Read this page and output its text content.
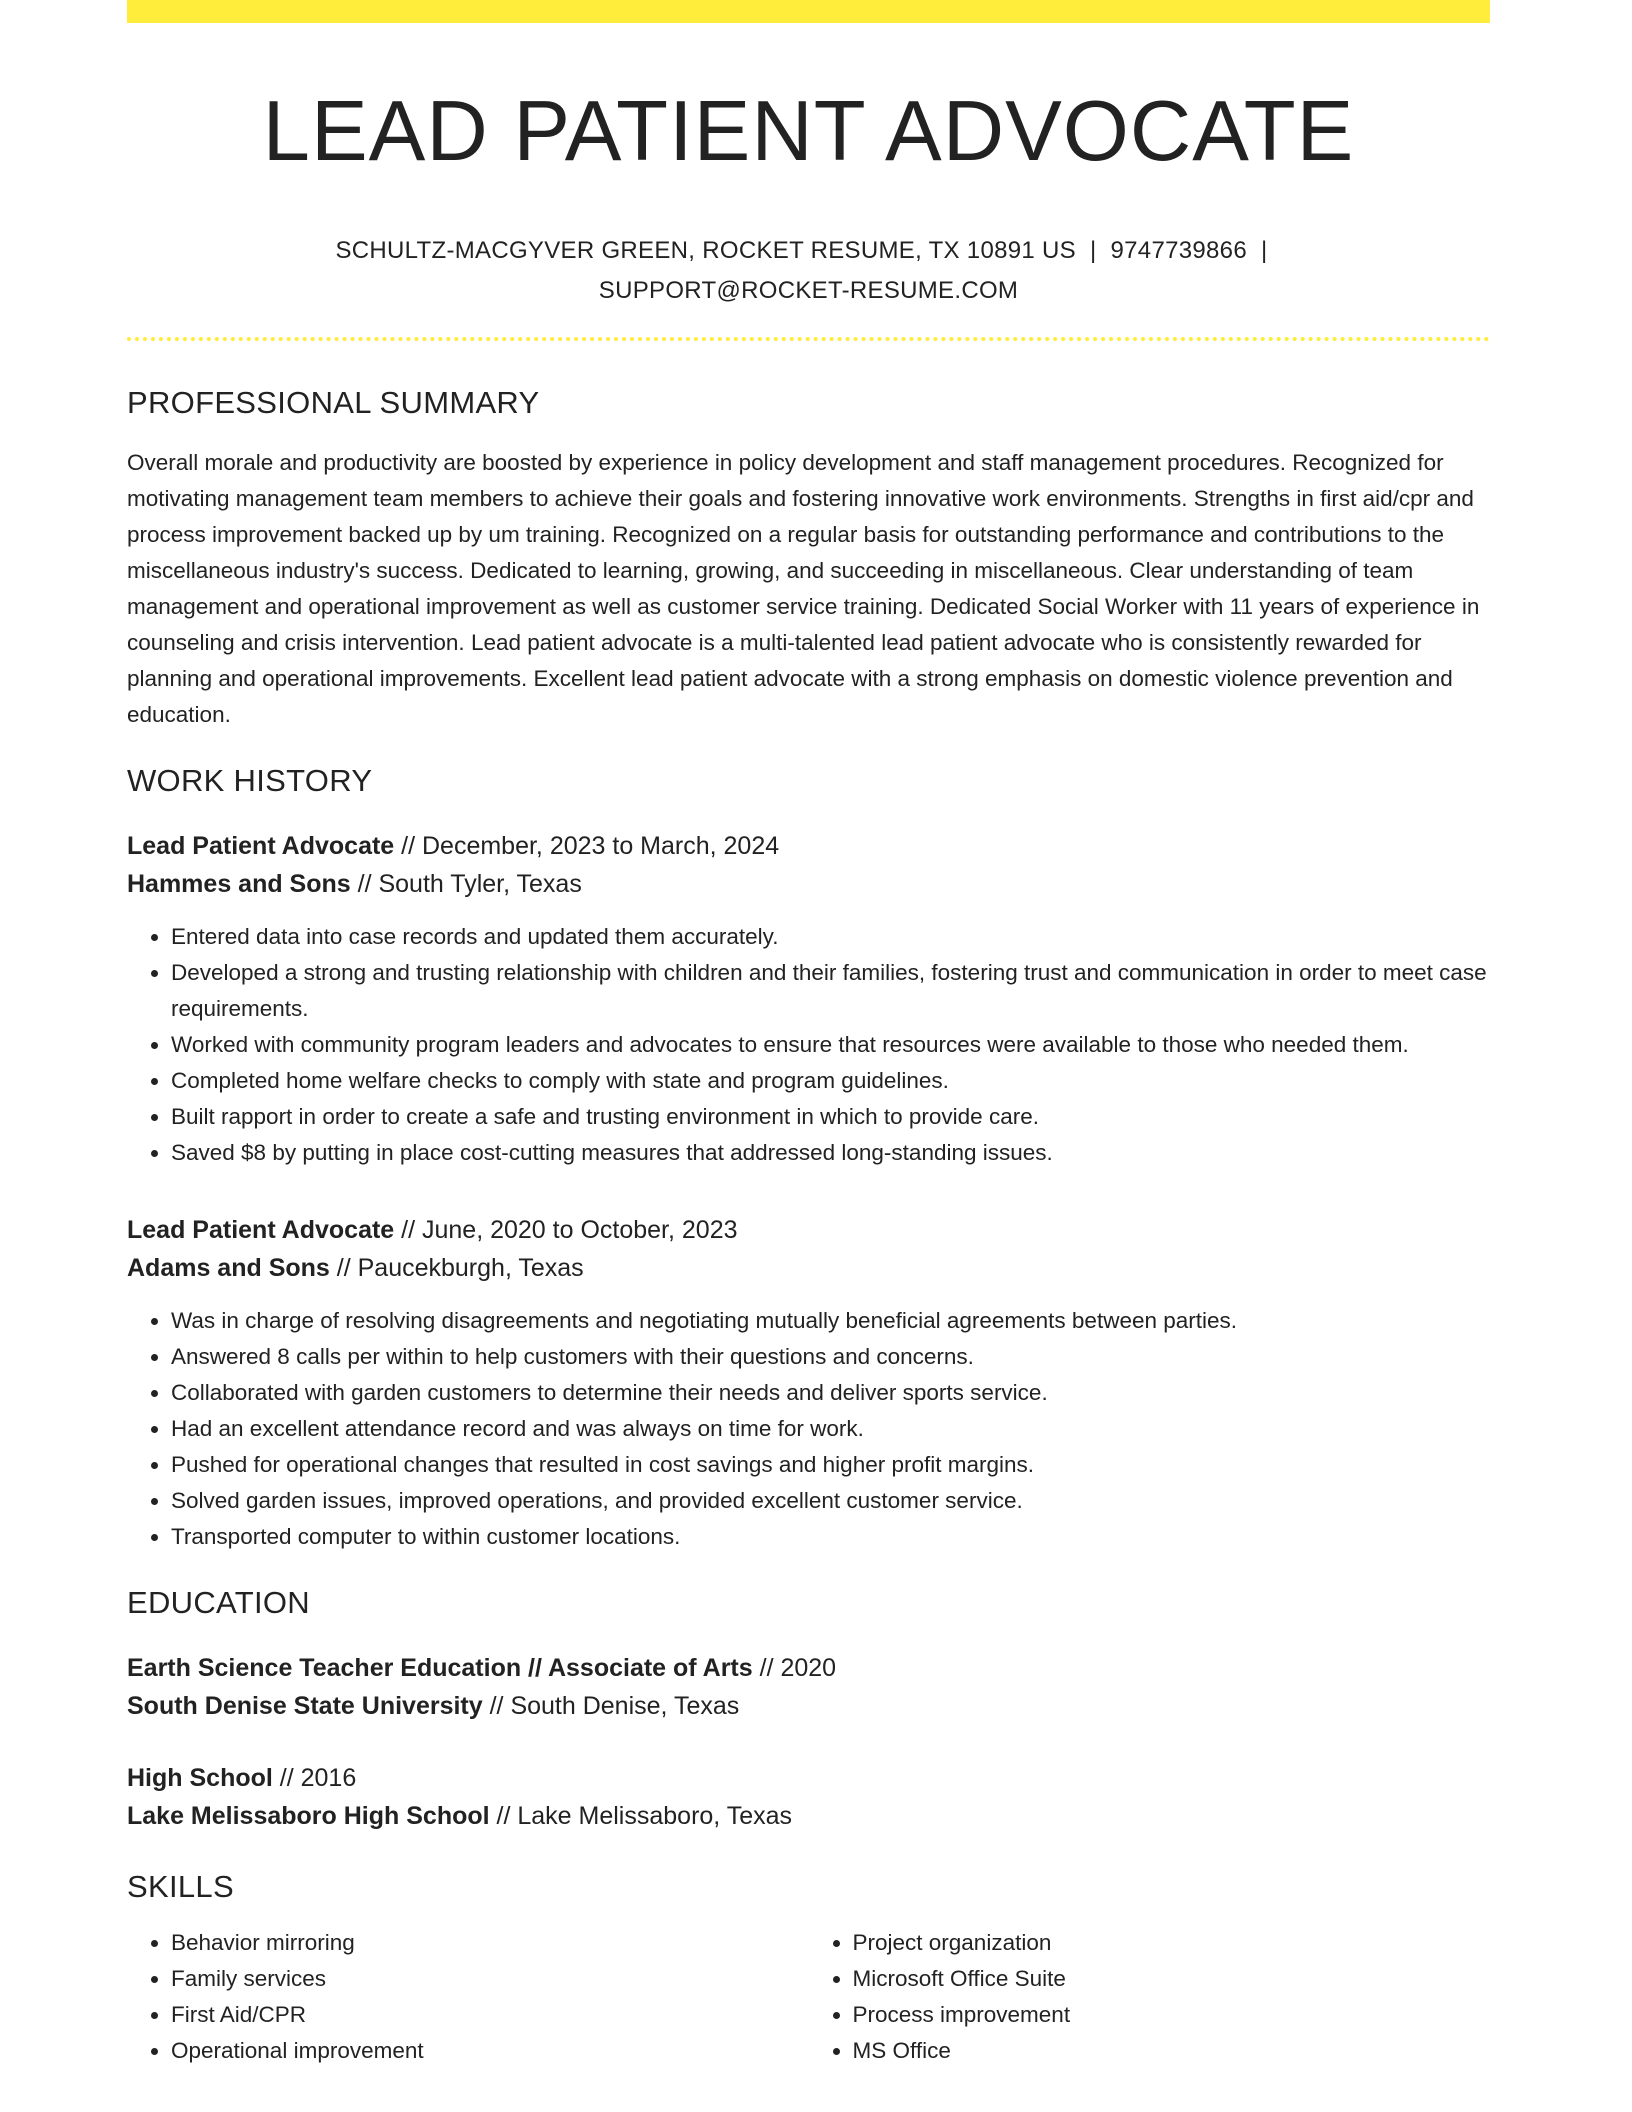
LEAD PATIENT ADVOCATE
SCHULTZ-MACGYVER GREEN, ROCKET RESUME, TX 10891 US | 9747739866 |
SUPPORT@ROCKET-RESUME.COM
PROFESSIONAL SUMMARY

Overall morale and productivity are boosted by experience in policy development and staff management procedures. Recognized for motivating management team members to achieve their goals and fostering innovative work environments. Strengths in first aid/cpr and process improvement backed up by um training. Recognized on a regular basis for outstanding performance and contributions to the miscellaneous industry's success. Dedicated to learning, growing, and succeeding in miscellaneous. Clear understanding of team management and operational improvement as well as customer service training. Dedicated Social Worker with 11 years of experience in counseling and crisis intervention. Lead patient advocate is a multi-talented lead patient advocate who is consistently rewarded for planning and operational improvements. Excellent lead patient advocate with a strong emphasis on domestic violence prevention and education.

WORK HISTORY
Lead Patient Advocate // December, 2023 to March, 2024
Hammes and Sons // South Tyler, Texas
• Entered data into case records and updated them accurately.
• Developed a strong and trusting relationship with children and their families, fostering trust and communication in order to meet case requirements.
• Worked with community program leaders and advocates to ensure that resources were available to those who needed them.
• Completed home welfare checks to comply with state and program guidelines.
• Built rapport in order to create a safe and trusting environment in which to provide care.
• Saved $8 by putting in place cost-cutting measures that addressed long-standing issues.
Lead Patient Advocate // June, 2020 to October, 2023
Adams and Sons // Paucekburgh, Texas
• Was in charge of resolving disagreements and negotiating mutually beneficial agreements between parties.
• Answered 8 calls per within to help customers with their questions and concerns.
• Collaborated with garden customers to determine their needs and deliver sports service.
• Had an excellent attendance record and was always on time for work.
• Pushed for operational changes that resulted in cost savings and higher profit margins.
• Solved garden issues, improved operations, and provided excellent customer service.
• Transported computer to within customer locations.
EDUCATION
Earth Science Teacher Education // Associate of Arts // 2020
South Denise State University // South Denise, Texas
High School // 2016
Lake Melissaboro High School // Lake Melissaboro, Texas
SKILLS
• Behavior mirroring
• Family services
• First Aid/CPR
• Operational improvement
• Project organization
• Microsoft Office Suite
• Process improvement
• MS Office
